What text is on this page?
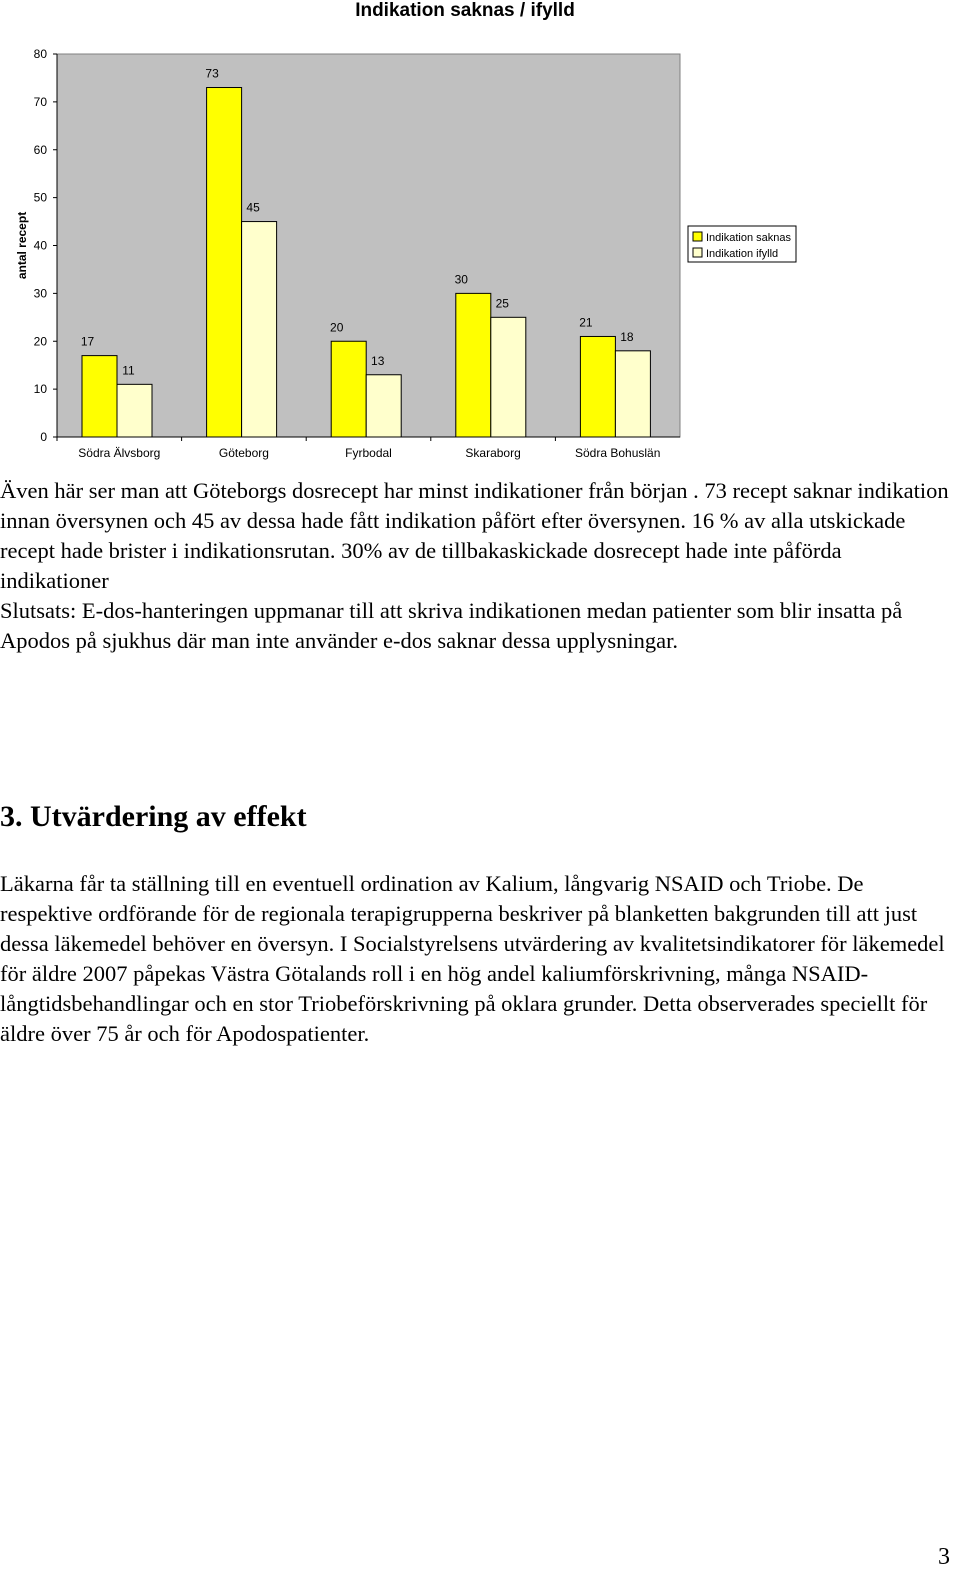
Indikation saknas / ifylld
0
10
20
30
40
50
60
70
80
antal recept
17
11
Södra Älvsborg
73
45
Göteborg
20
13
Fyrbodal
30
25
Skaraborg
21
18
Södra Bohuslän
Indikation saknas
Indikation ifylld

Även här ser man att Göteborgs dosrecept har minst indikationer från början . 73 recept saknar indikation innan översynen och 45 av dessa hade fått indikation påfört efter översynen. 16 % av alla utskickade recept hade brister i indikationsrutan. 30% av de tillbakaskickade dosrecept hade inte påförda indikationer

Slutsats: E-dos-hanteringen uppmanar till att skriva indikationen medan patienter som blir insatta på Apodos på sjukhus där man inte använder e-dos saknar dessa upplysningar.

3. Utvärdering av effekt

Läkarna får ta ställning till en eventuell ordination av Kalium, långvarig NSAID och Triobe. De respektive ordförande för de regionala terapigrupperna beskriver på blanketten bakgrunden till att just dessa läkemedel behöver en översyn. I Socialstyrelsens utvärdering av kvalitetsindikatorer för läkemedel för äldre 2007 påpekas Västra Götalands roll i en hög andel kaliumförskrivning, många NSAID- långtidsbehandlingar och en stor Triobeförskrivning på oklara grunder. Detta observerades speciellt för äldre över 75 år och för Apodospatienter.

3
